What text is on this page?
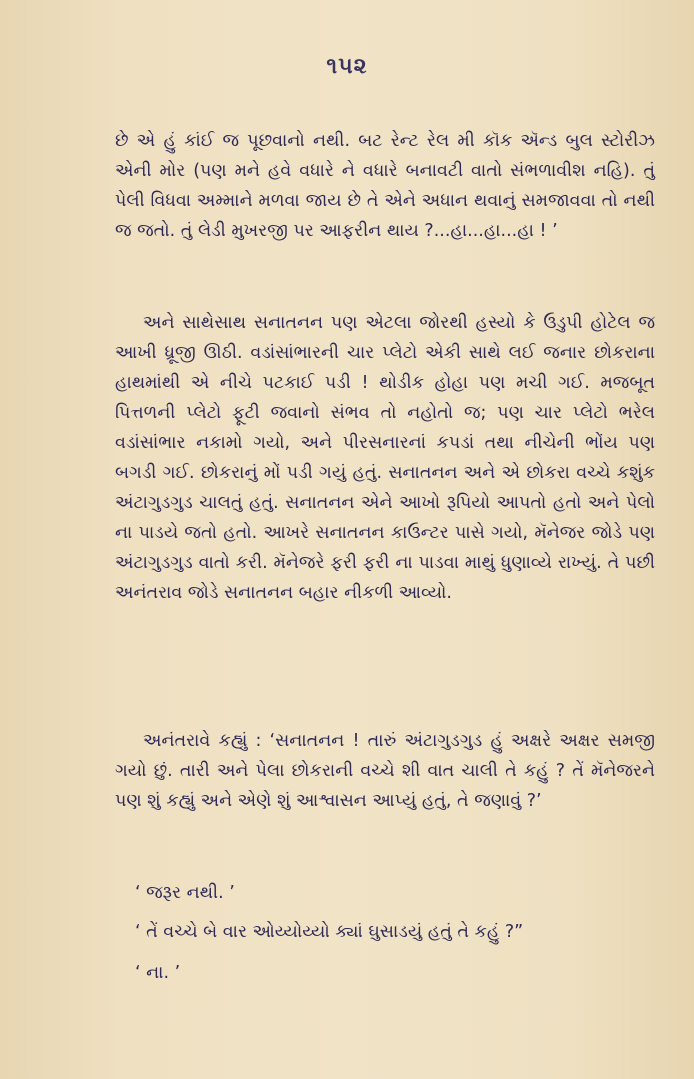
૧૫૨

છે એ હું કાંઈ જ પૂછવાનો નથી. બટ રેન્ટ રેલ મી કૉક ઍન્ડ બુલ સ્ટોરીઝ એની મોર (પણ મને હવે વધારે ને વધારે બનાવટી વાતો સંભળાવીશ નહિ). તું પેલી વિધવા અમ્માને મળવા જાય છે તે એને અધાન થવાનું સમજાવવા તો નથી જ જતો. તું લેડી મુખરજી પર આફરીન થાય ?...હા...હા...હા ! ’

અને સાથેસાથ સનાતનન પણ એટલા જોરથી હસ્યો કે ઉડુપી હોટેલ જ આખી ધ્રૂજી ઊઠી. વડાંસાંભારની ચાર પ્લેટો એકી સાથે લઈ જનાર છોકરાના હાથમાંથી એ નીચે પટકાઈ પડી ! થોડીક હોહા પણ મચી ગઈ. મજબૂત પિત્તળની પ્લેટો ફૂટી જવાનો સંભવ તો નહોતો જ; પણ ચાર પ્લેટો ભરેલ વડાંસાંભાર નકામો ગયો, અને પીરસનારનાં કપડાં તથા નીચેની ભોંય પણ બગડી ગઈ. છોકરાનું મોં પડી ગયું હતું. સનાતનન અને એ છોકરા વચ્ચે કશુંક અંટાગુડગુડ ચાલતું હતું. સનાતનન એને આખો રૂપિયો આપતો હતો અને પેલો ના પાડયે જતો હતો. આખરે સનાતનન કાઉન્ટર પાસે ગયો, મૅનેજર જોડે પણ અંટાગુડગુડ વાતો કરી. મૅનેજરે ફરી ફરી ના પાડવા માથું ધુણાવ્યે રાખ્યું. તે પછી અનંતરાવ જોડે સનાતનન બહાર નીકળી આવ્યો.

અનંતરાવે કહ્યું : ‘સનાતનન ! તારું અંટાગુડગુડ હું અક્ષરે અક્ષર સમજી ગયો છું. તારી અને પેલા છોકરાની વચ્ચે શી વાત ચાલી તે કહું ? તેં મૅનેજરને પણ શું કહ્યું અને એણે શું આશ્વાસન આપ્યું હતું, તે જણાવું ?’

‘ જરૂર નથી. ’

‘ તેં વચ્ચે બે વાર ઓય્યોય્યો ક્યાં ઘુસાડયું હતું તે કહું ?”

‘ ના. ’
